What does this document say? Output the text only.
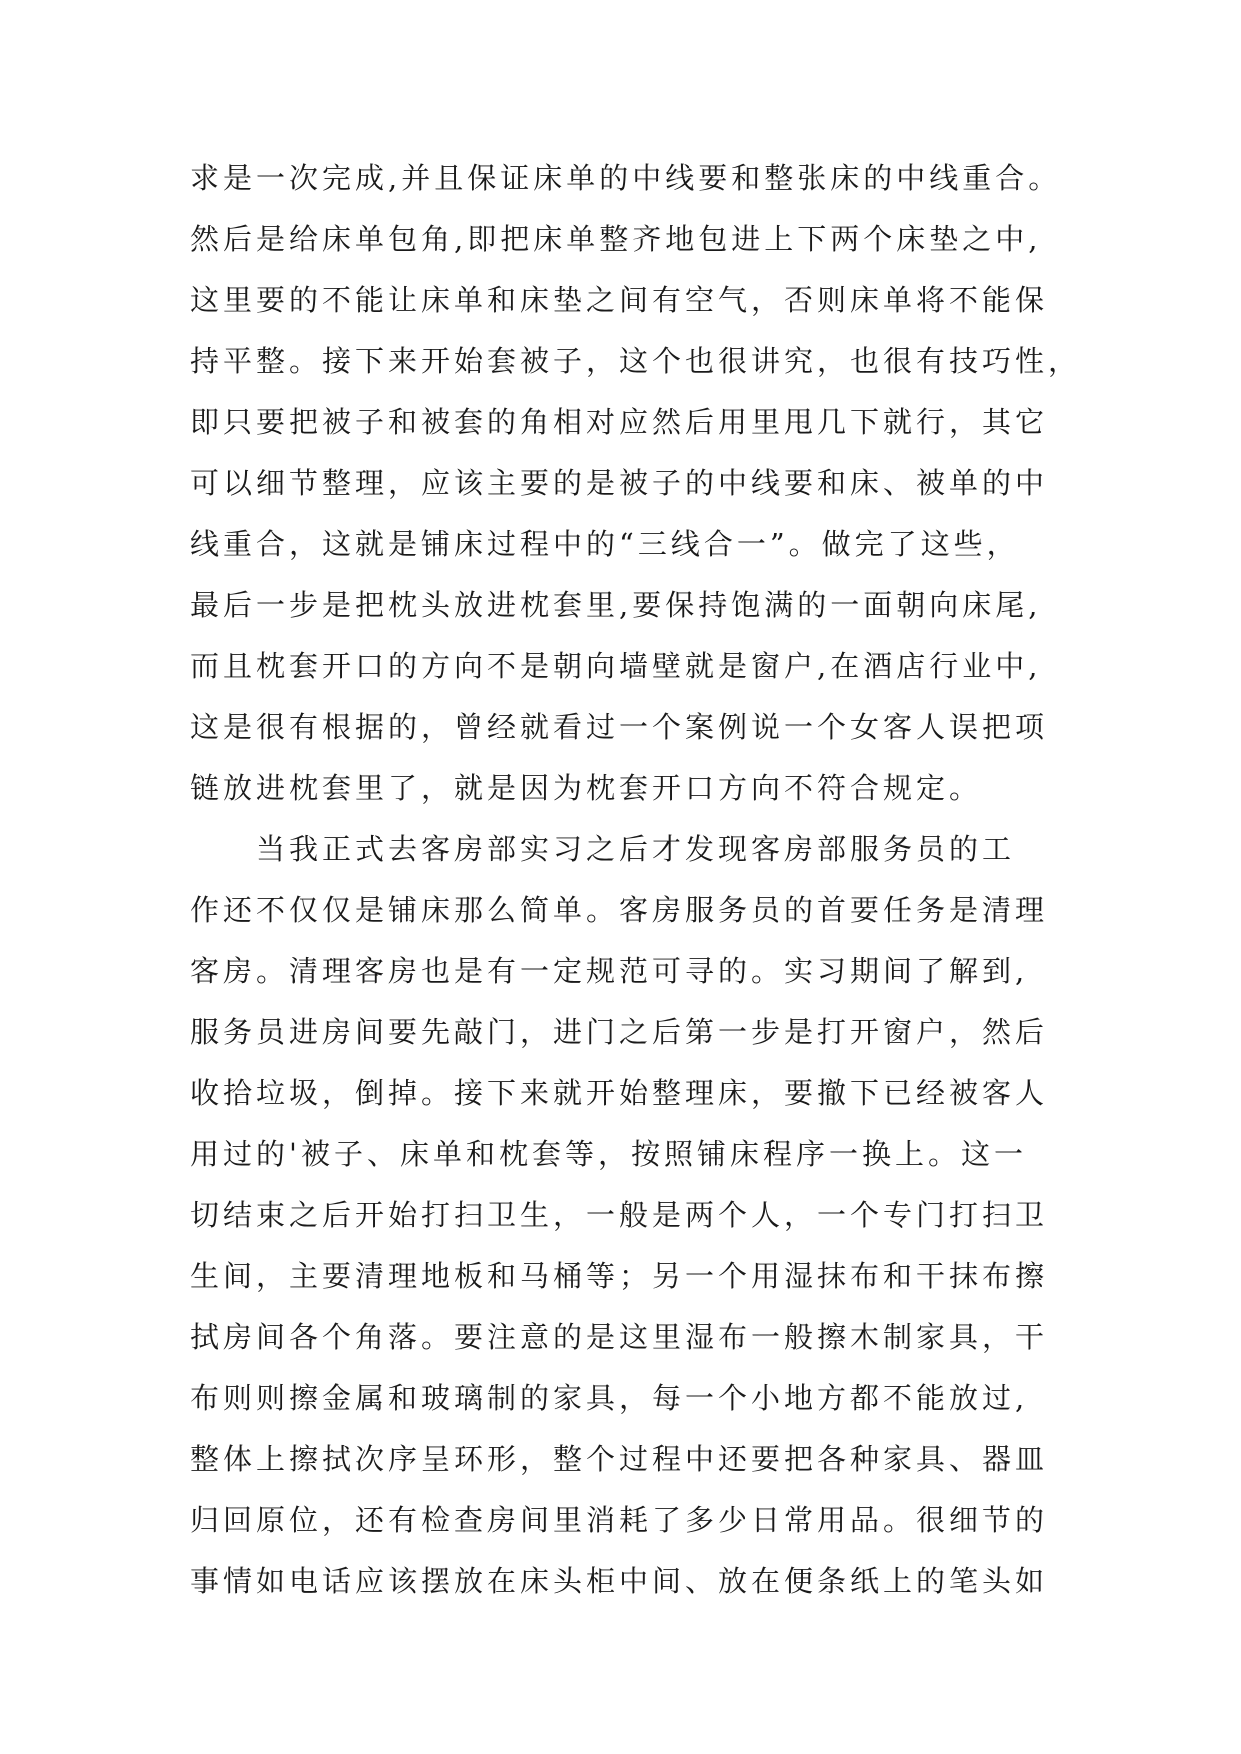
求是一次完成,并且保证床单的中线要和整张床的中线重合。
然后是给床单包角,即把床单整齐地包进上下两个床垫之中,
这里要的不能让床单和床垫之间有空气，否则床单将不能保
持平整。接下来开始套被子，这个也很讲究，也很有技巧性，
即只要把被子和被套的角相对应然后用里甩几下就行，其它
可以细节整理，应该主要的是被子的中线要和床、被单的中
线重合，这就是铺床过程中的“三线合一”。做完了这些，
最后一步是把枕头放进枕套里,要保持饱满的一面朝向床尾,
而且枕套开口的方向不是朝向墙壁就是窗户,在酒店行业中,
这是很有根据的，曾经就看过一个案例说一个女客人误把项
链放进枕套里了，就是因为枕套开口方向不符合规定。
　　当我正式去客房部实习之后才发现客房部服务员的工
作还不仅仅是铺床那么简单。客房服务员的首要任务是清理
客房。清理客房也是有一定规范可寻的。实习期间了解到,
服务员进房间要先敲门，进门之后第一步是打开窗户，然后
收拾垃圾，倒掉。接下来就开始整理床，要撤下已经被客人
用过的'被子、床单和枕套等，按照铺床程序一换上。这一
切结束之后开始打扫卫生，一般是两个人，一个专门打扫卫
生间，主要清理地板和马桶等；另一个用湿抹布和干抹布擦
拭房间各个角落。要注意的是这里湿布一般擦木制家具，干
布则则擦金属和玻璃制的家具，每一个小地方都不能放过,
整体上擦拭次序呈环形，整个过程中还要把各种家具、器皿
归回原位，还有检查房间里消耗了多少日常用品。很细节的
事情如电话应该摆放在床头柜中间、放在便条纸上的笔头如
